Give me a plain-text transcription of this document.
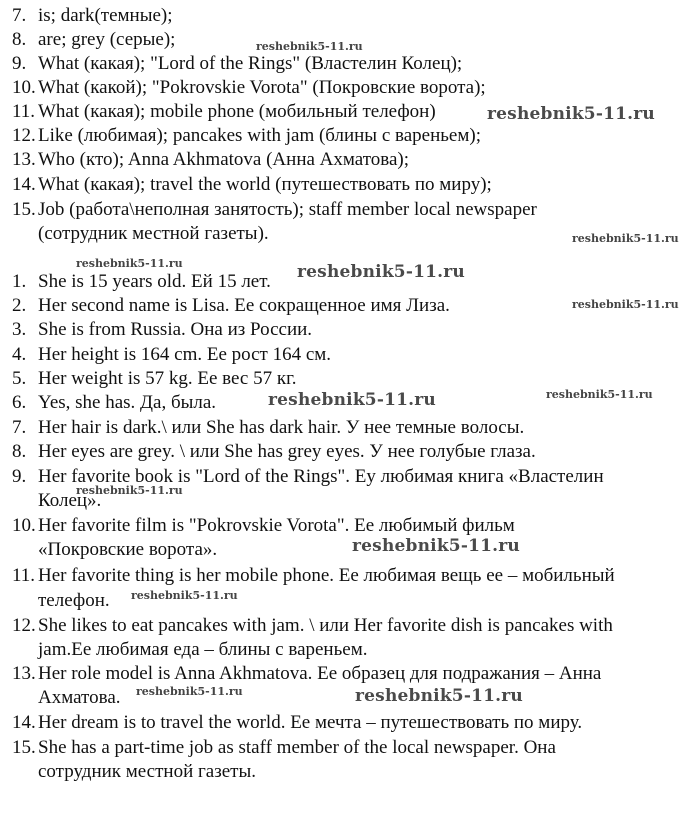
7. is; dark(темные);
8. are; grey (серые);
9. What (какая); "Lord of the Rings" (Властелин Колец);
10. What (какой); "Pokrovskie Vorota" (Покровские ворота);
11. What (какая); mobile phone (мобильный телефон)
12. Like (любимая); pancakes with jam (блины с вареньем);
13. Who (кто); Anna Akhmatova (Анна Ахматова);
14. What (какая); travel the world (путешествовать по миру);
15. Job (работа\неполная занятость); staff member local newspaper
(сотрудник местной газеты).
1. She is 15 years old. Ей 15 лет.
2. Her second name is Lisa. Ее сокращенное имя Лиза.
3. She is from Russia. Она из России.
4. Her height is 164 cm. Ее рост 164 см.
5. Her weight is 57 kg. Ее вес 57 кг.
6. Yes, she has. Да, была.
7. Her hair is dark.\ или She has dark hair. У нее темные волосы.
8. Her eyes are grey. \ или She has grey eyes. У нее голубые глаза.
9. Her favorite book is "Lord of the Rings". Еу любимая книга «Властелин
Колец».
10. Her favorite film is "Pokrovskie Vorota". Ее любимый фильм
«Покровские ворота».
11. Her favorite thing is her mobile phone. Ее любимая вещь ее – мобильный
телефон.
12. She likes to eat pancakes with jam. \ или Her favorite dish is pancakes with
jam.Ее любимая еда – блины с вареньем.
13. Her role model is Anna Akhmatova. Ее образец для подражания – Анна
Ахматова.
14. Her dream is to travel the world. Ее мечта – путешествовать по миру.
15. She has a part-time job as staff member of the local newspaper. Она
сотрудник местной газеты.
reshebnik5-11.ru
reshebnik5-11.ru
reshebnik5-11.ru
reshebnik5-11.ru	reshebnik5-11.ru
reshebnik5-11.ru
reshebnik5-11.ru	reshebnik5-11.ru
reshebnik5-11.ru
reshebnik5-11.ru
reshebnik5-11.ru
reshebnik5-11.ru	reshebnik5-11.ru
